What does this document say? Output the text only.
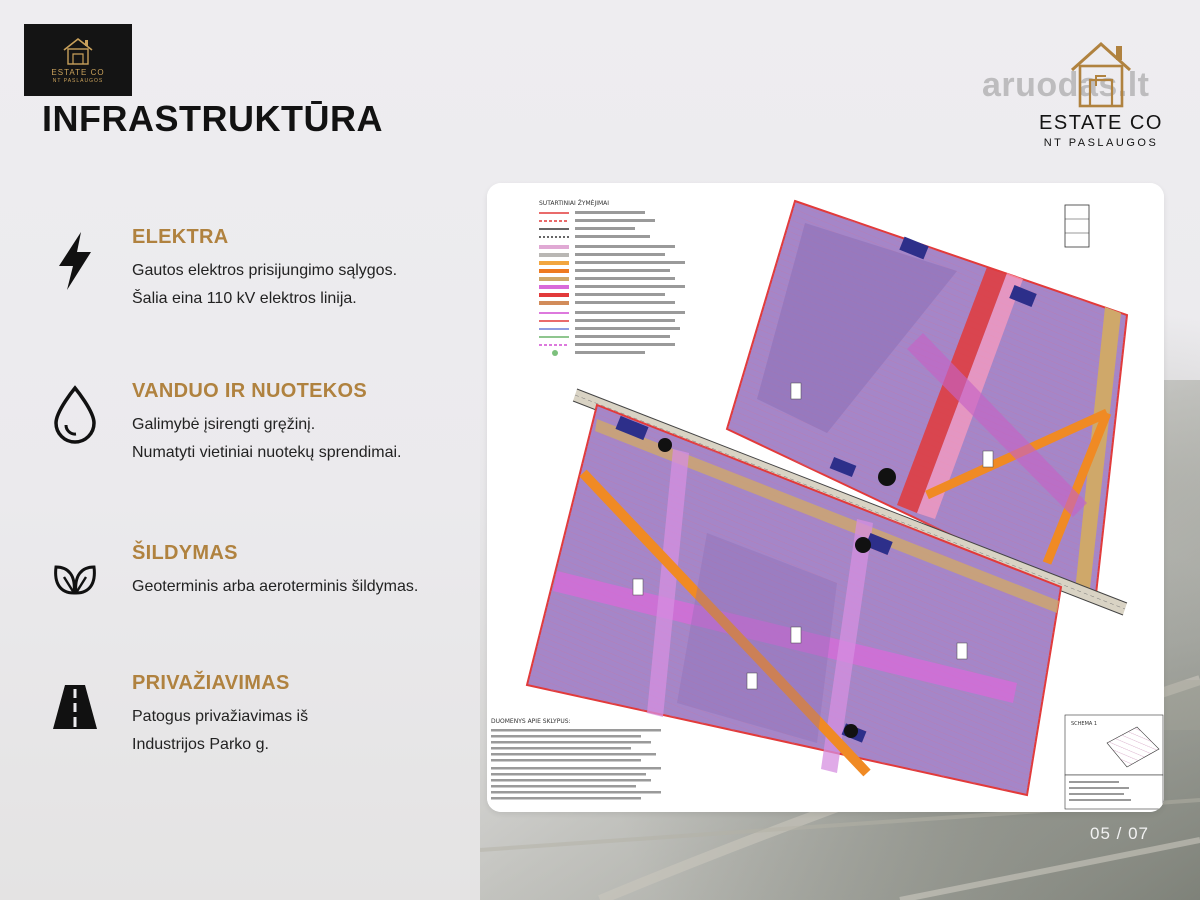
ESTATE CO
NT PASLAUGOS
INFRASTRUKTŪRA
aruodas.lt
ESTATE CO
NT PASLAUGOS
ELEKTRA
Gautos elektros prisijungimo sąlygos.
Šalia eina 110 kV elektros linija.
VANDUO IR NUOTEKOS
Galimybė įsirengti gręžinį.
Numatyti vietiniai nuotekų sprendimai.
ŠILDYMAS
Geoterminis arba aeroterminis šildymas.
PRIVAŽIAVIMAS
Patogus privažiavimas iš
Industrijos Parko g.
SUTARTINIAI ŽYMĖJIMAI
DUOMENYS APIE SKLYPUS:	SCHEMA 1
05 / 07
